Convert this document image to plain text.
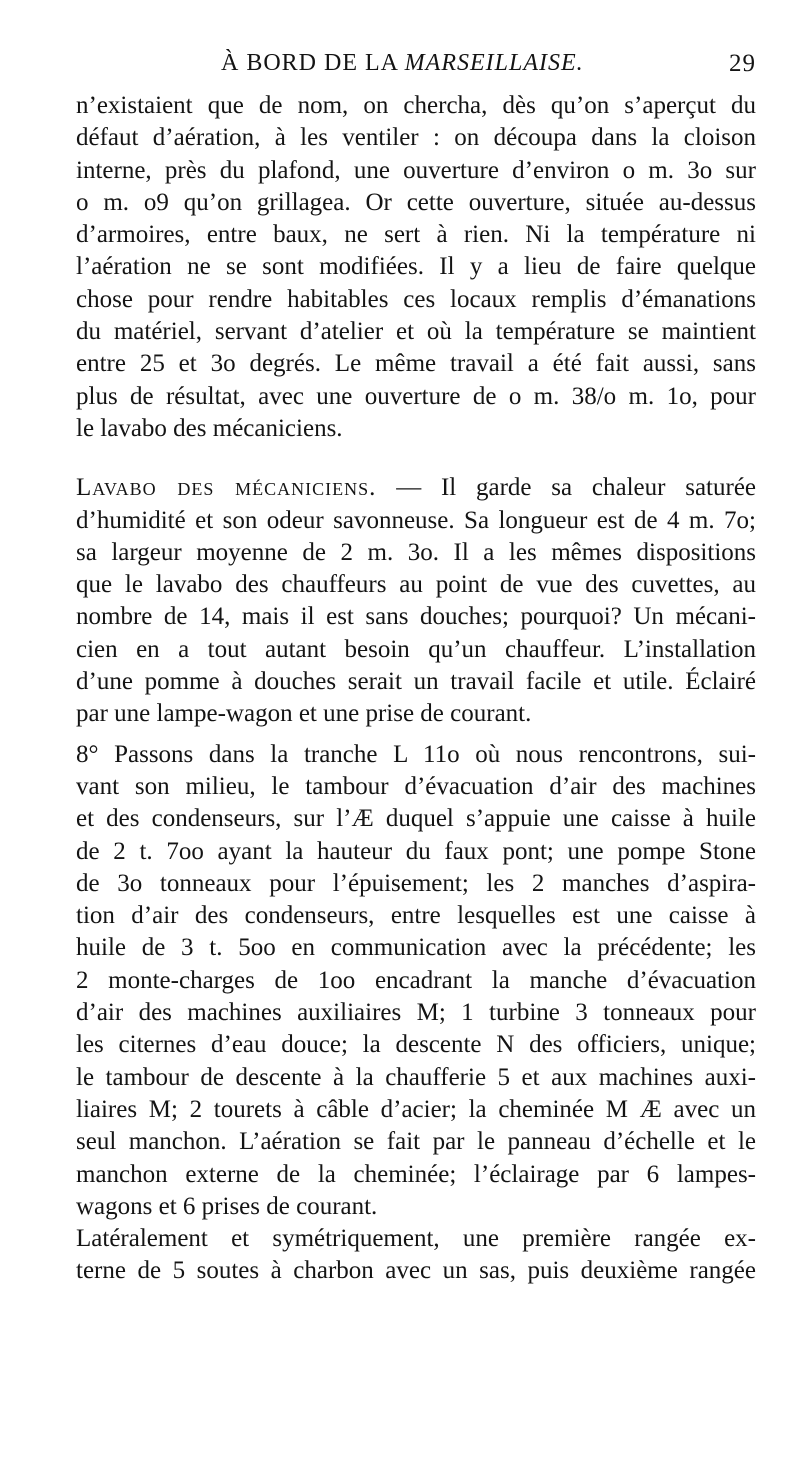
À BORD DE LA MARSEILLAISE.	29
n’existaient que de nom, on chercha, dès qu’on s’aperçut du
défaut d’aération, à les ventiler : on découpa dans la cloison
interne, près du plafond, une ouverture d’environ o m. 3o sur
o m. o9 qu’on grillagea. Or cette ouverture, située au-dessus
d’armoires, entre baux, ne sert à rien. Ni la température ni
l’aération ne se sont modifiées. Il y a lieu de faire quelque
chose pour rendre habitables ces locaux remplis d’émanations
du matériel, servant d’atelier et où la température se maintient
entre 25 et 3o degrés. Le même travail a été fait aussi, sans
plus de résultat, avec une ouverture de o m. 38/o m. 1o, pour
le lavabo des mécaniciens.
Lavabo des mécaniciens. — Il garde sa chaleur saturée
d’humidité et son odeur savonneuse. Sa longueur est de 4 m. 7o;
sa largeur moyenne de 2 m. 3o. Il a les mêmes dispositions
que le lavabo des chauffeurs au point de vue des cuvettes, au
nombre de 14, mais il est sans douches; pourquoi? Un mécani-
cien en a tout autant besoin qu’un chauffeur. L’installation
d’une pomme à douches serait un travail facile et utile. Éclairé
par une lampe-wagon et une prise de courant.
8° Passons dans la tranche L 11o où nous rencontrons, sui-
vant son milieu, le tambour d’évacuation d’air des machines
et des condenseurs, sur l’Æ duquel s’appuie une caisse à huile
de 2 t. 7oo ayant la hauteur du faux pont; une pompe Stone
de 3o tonneaux pour l’épuisement; les 2 manches d’aspira-
tion d’air des condenseurs, entre lesquelles est une caisse à
huile de 3 t. 5oo en communication avec la précédente; les
2 monte-charges de 1oo encadrant la manche d’évacuation
d’air des machines auxiliaires M; 1 turbine 3 tonneaux pour
les citernes d’eau douce; la descente N des officiers, unique;
le tambour de descente à la chaufferie 5 et aux machines auxi-
liaires M; 2 tourets à câble d’acier; la cheminée M Æ avec un
seul manchon. L’aération se fait par le panneau d’échelle et le
manchon externe de la cheminée; l’éclairage par 6 lampes-
wagons et 6 prises de courant.
Latéralement et symétriquement, une première rangée ex-
terne de 5 soutes à charbon avec un sas, puis deuxième rangée
